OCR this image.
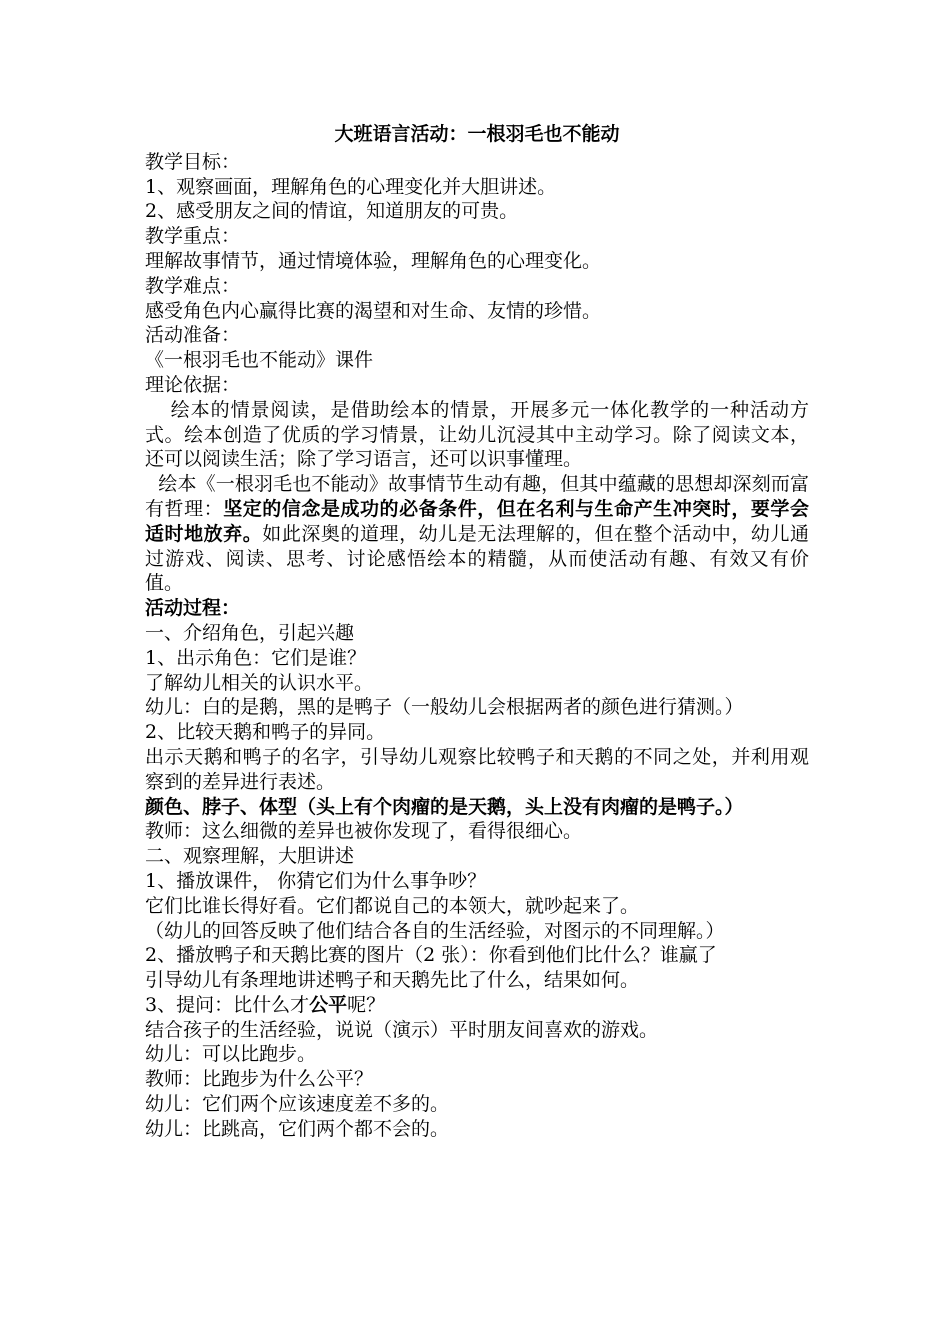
大班语言活动：一根羽毛也不能动

教学目标：

1、观察画面，理解角色的心理变化并大胆讲述。

2、感受朋友之间的情谊，知道朋友的可贵。

教学重点：

理解故事情节，通过情境体验，理解角色的心理变化。

教学难点：

感受角色内心赢得比赛的渴望和对生命、友情的珍惜。

活动准备：

《一根羽毛也不能动》课件

理论依据：

绘本的情景阅读，是借助绘本的情景，开展多元一体化教学的一种活动方式。绘本创造了优质的学习情景，让幼儿沉浸其中主动学习。除了阅读文本，还可以阅读生活；除了学习语言，还可以识事懂理。

绘本《一根羽毛也不能动》故事情节生动有趣，但其中蕴藏的思想却深刻而富有哲理：坚定的信念是成功的必备条件，但在名利与生命产生冲突时，要学会适时地放弃。如此深奥的道理，幼儿是无法理解的，但在整个活动中，幼儿通过游戏、阅读、思考、讨论感悟绘本的精髓，从而使活动有趣、有效又有价值。

活动过程：

一、介绍角色，引起兴趣

1、出示角色：它们是谁？

了解幼儿相关的认识水平。

幼儿：白的是鹅，黑的是鸭子（一般幼儿会根据两者的颜色进行猜测。）

2、比较天鹅和鸭子的异同。

出示天鹅和鸭子的名字，引导幼儿观察比较鸭子和天鹅的不同之处，并利用观察到的差异进行表述。

颜色、脖子、体型（头上有个肉瘤的是天鹅，头上没有肉瘤的是鸭子。）

教师：这么细微的差异也被你发现了，看得很细心。

二、观察理解，大胆讲述

1、播放课件， 你猜它们为什么事争吵？

它们比谁长得好看。它们都说自己的本领大，就吵起来了。

（幼儿的回答反映了他们结合各自的生活经验，对图示的不同理解。）

2、播放鸭子和天鹅比赛的图片（2 张）：你看到他们比什么？谁赢了

引导幼儿有条理地讲述鸭子和天鹅先比了什么，结果如何。

3、提问：比什么才公平呢？

结合孩子的生活经验，说说（演示）平时朋友间喜欢的游戏。

幼儿：可以比跑步。

教师：比跑步为什么公平？

幼儿：它们两个应该速度差不多的。

幼儿：比跳高，它们两个都不会的。
